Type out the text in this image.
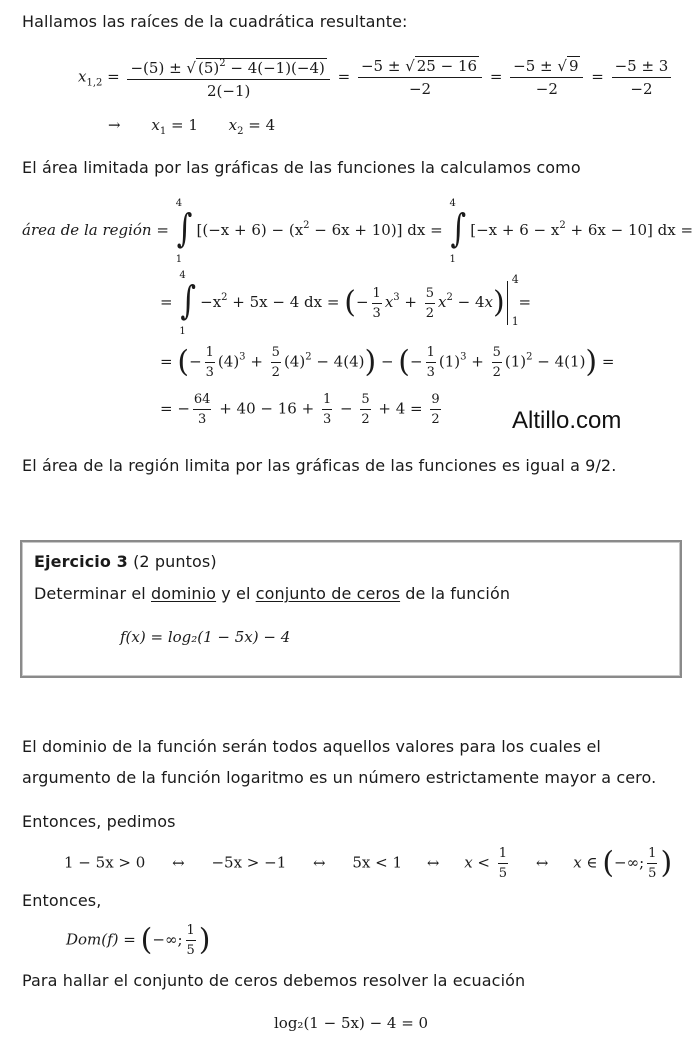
Hallamos las raíces de la cuadrática resultante:
$x_{1,2} = \frac{-(5) \pm √ (5)^2 - 4(-1)(-4)}{2(-1)} = \frac{-5 \pm √ 25 - 16}{-2} = \frac{-5 \pm √ 9}{-2} = \frac{-5 \pm 3}{-2}$
→ $x_1 = 1$ $x_2 = 4$
El área limitada por las gráficas de las funciones la calculamos como
área de la región =
4
∫
1
$[(-x + 6) - (x^2 - 6x + 10)]$ dx =
4
∫
1
$[-x + 6 - x^2 + 6x - 10]$ dx =
=
4
∫
1
$-x^2 + 5x - 4$ dx = (− $\frac{1}{3} x^3 + \frac{5}{2} x^2 - 4x$)
4
1
=
= (− $\frac{1}{3} (4)^3 + \frac{5}{2} (4)^2 - 4(4)$) − (− $\frac{1}{3} (1)^3 + \frac{5}{2} (1)^2 - 4(1)$) =
= − $\frac{64}{3} + 40 - 16 + \frac{1}{3} - \frac{5}{2} + 4 = \frac{9}{2}$	Altillo.com
El área de la región limita por las gráficas de las funciones es igual a 9/2.
Ejercicio 3 (2 puntos)
Determinar el dominio y el conjunto de ceros de la función
f(x) = log₂(1 − 5x) − 4
El dominio de la función serán todos aquellos valores para los cuales el
argumento de la función logaritmo es un número estrictamente mayor a cero.
Entonces, pedimos
1 − 5x > 0 ↔ −5x > −1 ↔ 5x < 1 ↔ $x < \frac{1}{5}$ ↔ x ∈ (−∞; $\frac{1}{5}$ )
Entonces,
Dom(f) = (−∞; $\frac{1}{5}$ )
Para hallar el conjunto de ceros debemos resolver la ecuación
log₂(1 − 5x) − 4 = 0
